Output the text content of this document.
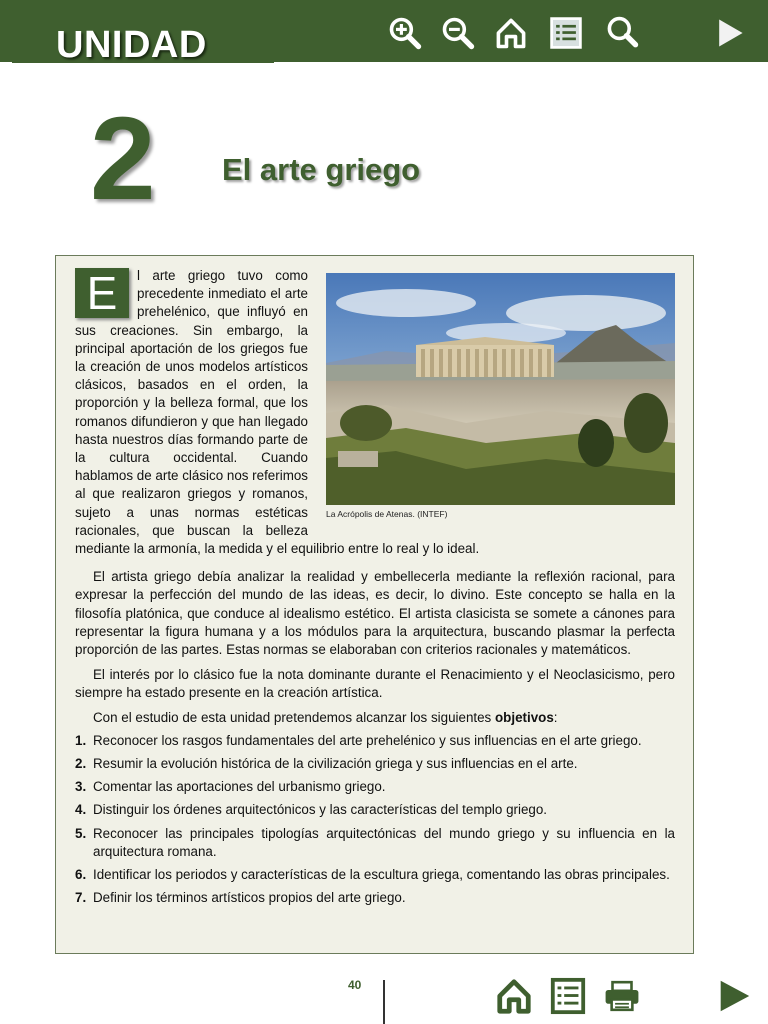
UNIDAD
2 El arte griego
La Acrópolis de Atenas. (INTEF)
E	l arte griego tuvo como precedente inmediato el arte prehelénico, que influyó en sus creaciones. Sin embargo, la principal aportación de los griegos fue la creación de unos modelos artísticos clásicos, basados en el orden, la proporción y la belleza formal, que los romanos difundieron y que han llegado hasta nuestros días formando parte de la cultura occidental. Cuando hablamos de arte clásico nos referimos al que realizaron griegos y romanos, sujeto a unas normas estéticas racionales, que buscan la belleza mediante la armonía, la medida y el equilibrio entre lo real y lo ideal.

El artista griego debía analizar la realidad y embellecerla mediante la reflexión racional, para expresar la perfección del mundo de las ideas, es decir, lo divino. Este concepto se halla en la filosofía platónica, que conduce al idealismo estético. El artista clasicista se somete a cánones para representar la figura humana y a los módulos para la arquitectura, buscando plasmar la perfecta proporción de las partes. Estas normas se elaboraban con criterios racionales y matemáticos.

El interés por lo clásico fue la nota dominante durante el Renacimiento y el Neoclasicismo, pero siempre ha estado presente en la creación artística.

Con el estudio de esta unidad pretendemos alcanzar los siguientes objetivos:

1. Reconocer los rasgos fundamentales del arte prehelénico y sus influencias en el arte griego.
2. Resumir la evolución histórica de la civilización griega y sus influencias en el arte.
3. Comentar las aportaciones del urbanismo griego.
4. Distinguir los órdenes arquitectónicos y las características del templo griego.
5. Reconocer las principales tipologías arquitectónicas del mundo griego y su influencia en la arquitectura romana.
6. Identificar los periodos y características de la escultura griega, comentando las obras principales.
7. Definir los términos artísticos propios del arte griego.
40
